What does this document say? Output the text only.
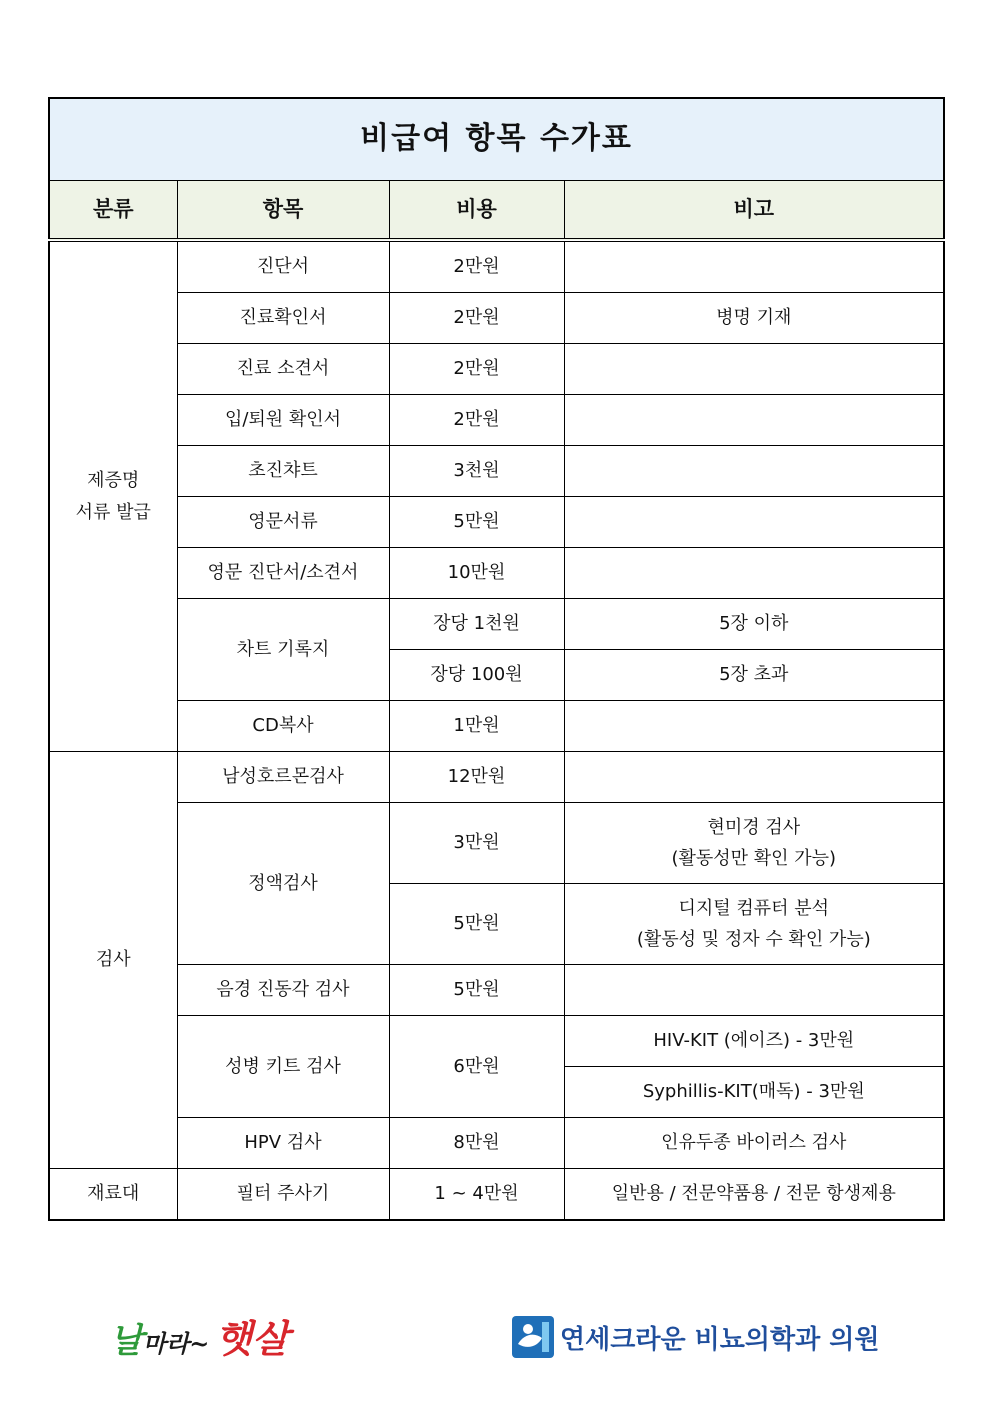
비급여 항목 수가표			
분류	항목	비용	비고

제증명
서류 발급	진단서	2만원	
	진료확인서	2만원	병명 기재
	진료 소견서	2만원	
	입/퇴원 확인서	2만원	
	초진챠트	3천원	
	영문서류	5만원	
	영문 진단서/소견서	10만원	
	차트 기록지	장당 1천원	5장 이하
		장당 100원	5장 초과
	CD복사	1만원	
검사	남성호르몬검사	12만원	
	정액검사	3만원	현미경 검사
(활동성만 확인 가능)

		5만원	디지털 컴퓨터 분석
(활동성 및 정자 수 확인 가능)

	음경 진동각 검사	5만원	
	성병 키트 검사	6만원	HIV-KIT (에이즈) - 3만원
			Syphillis-KIT(매독) - 3만원
	HPV 검사	8만원	인유두종 바이러스 검사
재료대	필터 주사기	1 ~ 4만원	일반용 / 전문약품용 / 전문 항생제용
날마라~ 햇살	연세크라운 비뇨의학과 의원
